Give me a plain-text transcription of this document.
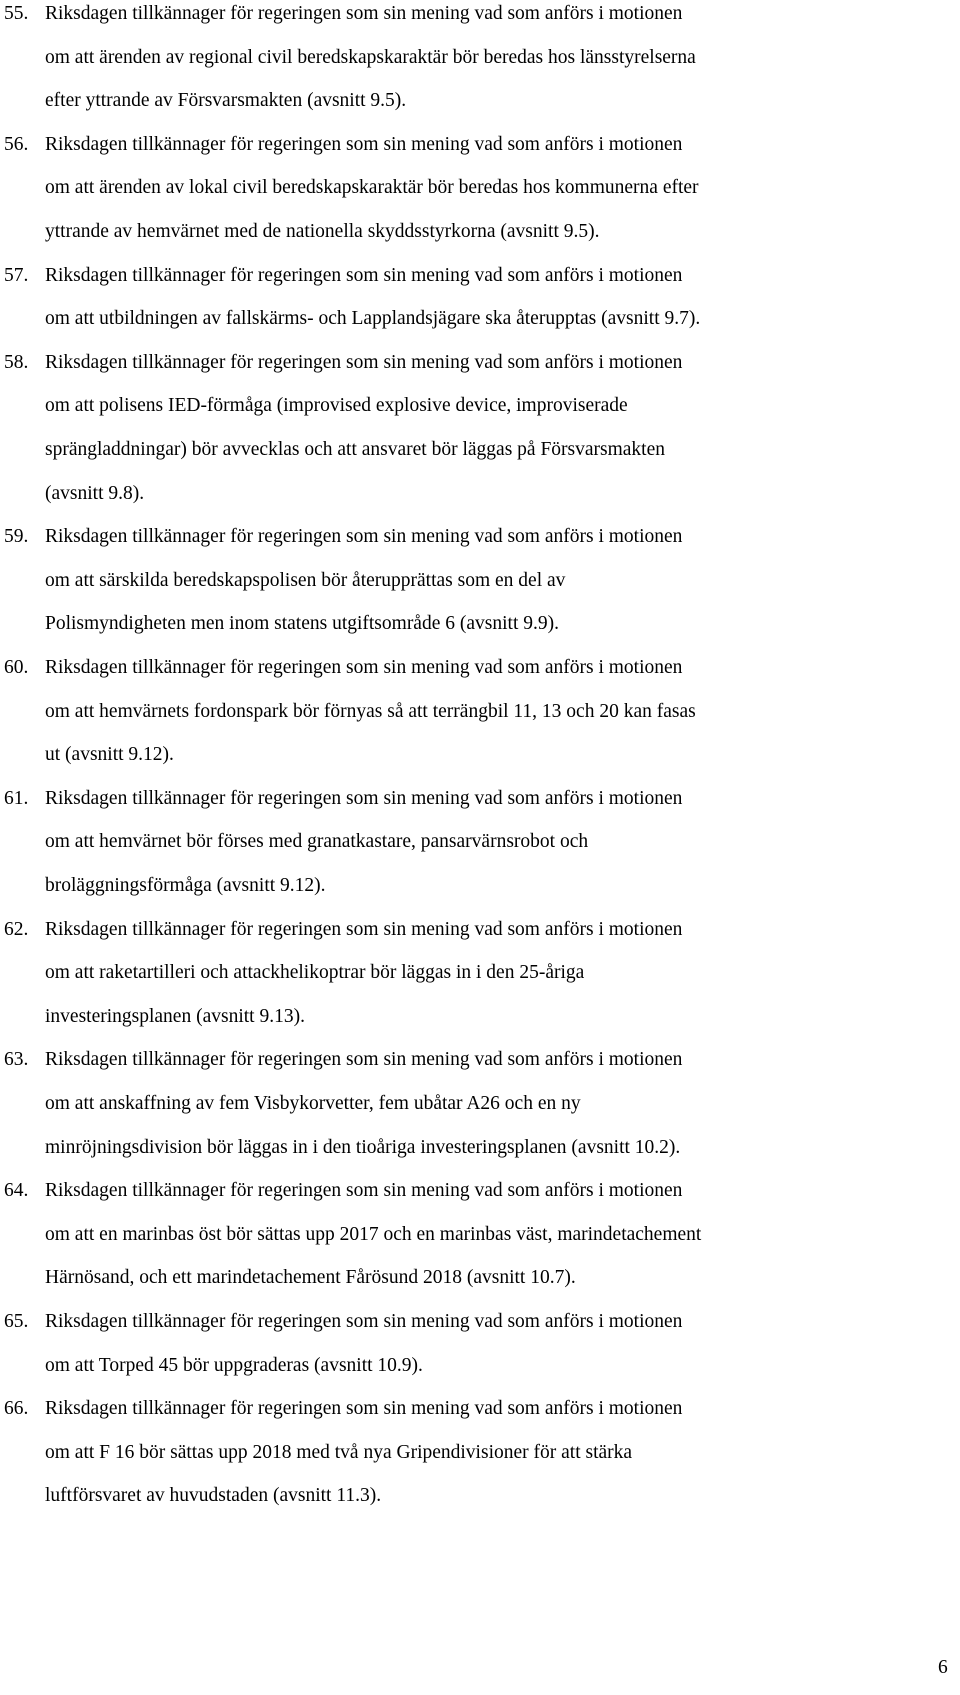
55. Riksdagen tillkännager för regeringen som sin mening vad som anförs i motionen
om att ärenden av regional civil beredskapskaraktär bör beredas hos länsstyrelserna
efter yttrande av Försvarsmakten (avsnitt 9.5).
56. Riksdagen tillkännager för regeringen som sin mening vad som anförs i motionen
om att ärenden av lokal civil beredskapskaraktär bör beredas hos kommunerna efter
yttrande av hemvärnet med de nationella skyddsstyrkorna (avsnitt 9.5).
57. Riksdagen tillkännager för regeringen som sin mening vad som anförs i motionen
om att utbildningen av fallskärms- och Lapplandsjägare ska återupptas (avsnitt 9.7).
58. Riksdagen tillkännager för regeringen som sin mening vad som anförs i motionen
om att polisens IED-förmåga (improvised explosive device, improviserade
sprängladdningar) bör avvecklas och att ansvaret bör läggas på Försvarsmakten
(avsnitt 9.8).
59. Riksdagen tillkännager för regeringen som sin mening vad som anförs i motionen
om att särskilda beredskapspolisen bör återupprättas som en del av
Polismyndigheten men inom statens utgiftsområde 6 (avsnitt 9.9).
60. Riksdagen tillkännager för regeringen som sin mening vad som anförs i motionen
om att hemvärnets fordonspark bör förnyas så att terrängbil 11, 13 och 20 kan fasas
ut (avsnitt 9.12).
61. Riksdagen tillkännager för regeringen som sin mening vad som anförs i motionen
om att hemvärnet bör förses med granatkastare, pansarvärnsrobot och
broläggningsförmåga (avsnitt 9.12).
62. Riksdagen tillkännager för regeringen som sin mening vad som anförs i motionen
om att raketartilleri och attackhelikoptrar bör läggas in i den 25-åriga
investeringsplanen (avsnitt 9.13).
63. Riksdagen tillkännager för regeringen som sin mening vad som anförs i motionen
om att anskaffning av fem Visbykorvetter, fem ubåtar A26 och en ny
minröjningsdivision bör läggas in i den tioåriga investeringsplanen (avsnitt 10.2).
64. Riksdagen tillkännager för regeringen som sin mening vad som anförs i motionen
om att en marinbas öst bör sättas upp 2017 och en marinbas väst, marindetachement
Härnösand, och ett marindetachement Fårösund 2018 (avsnitt 10.7).
65. Riksdagen tillkännager för regeringen som sin mening vad som anförs i motionen
om att Torped 45 bör uppgraderas (avsnitt 10.9).
66. Riksdagen tillkännager för regeringen som sin mening vad som anförs i motionen
om att F 16 bör sättas upp 2018 med två nya Gripendivisioner för att stärka
luftförsvaret av huvudstaden (avsnitt 11.3).
6
